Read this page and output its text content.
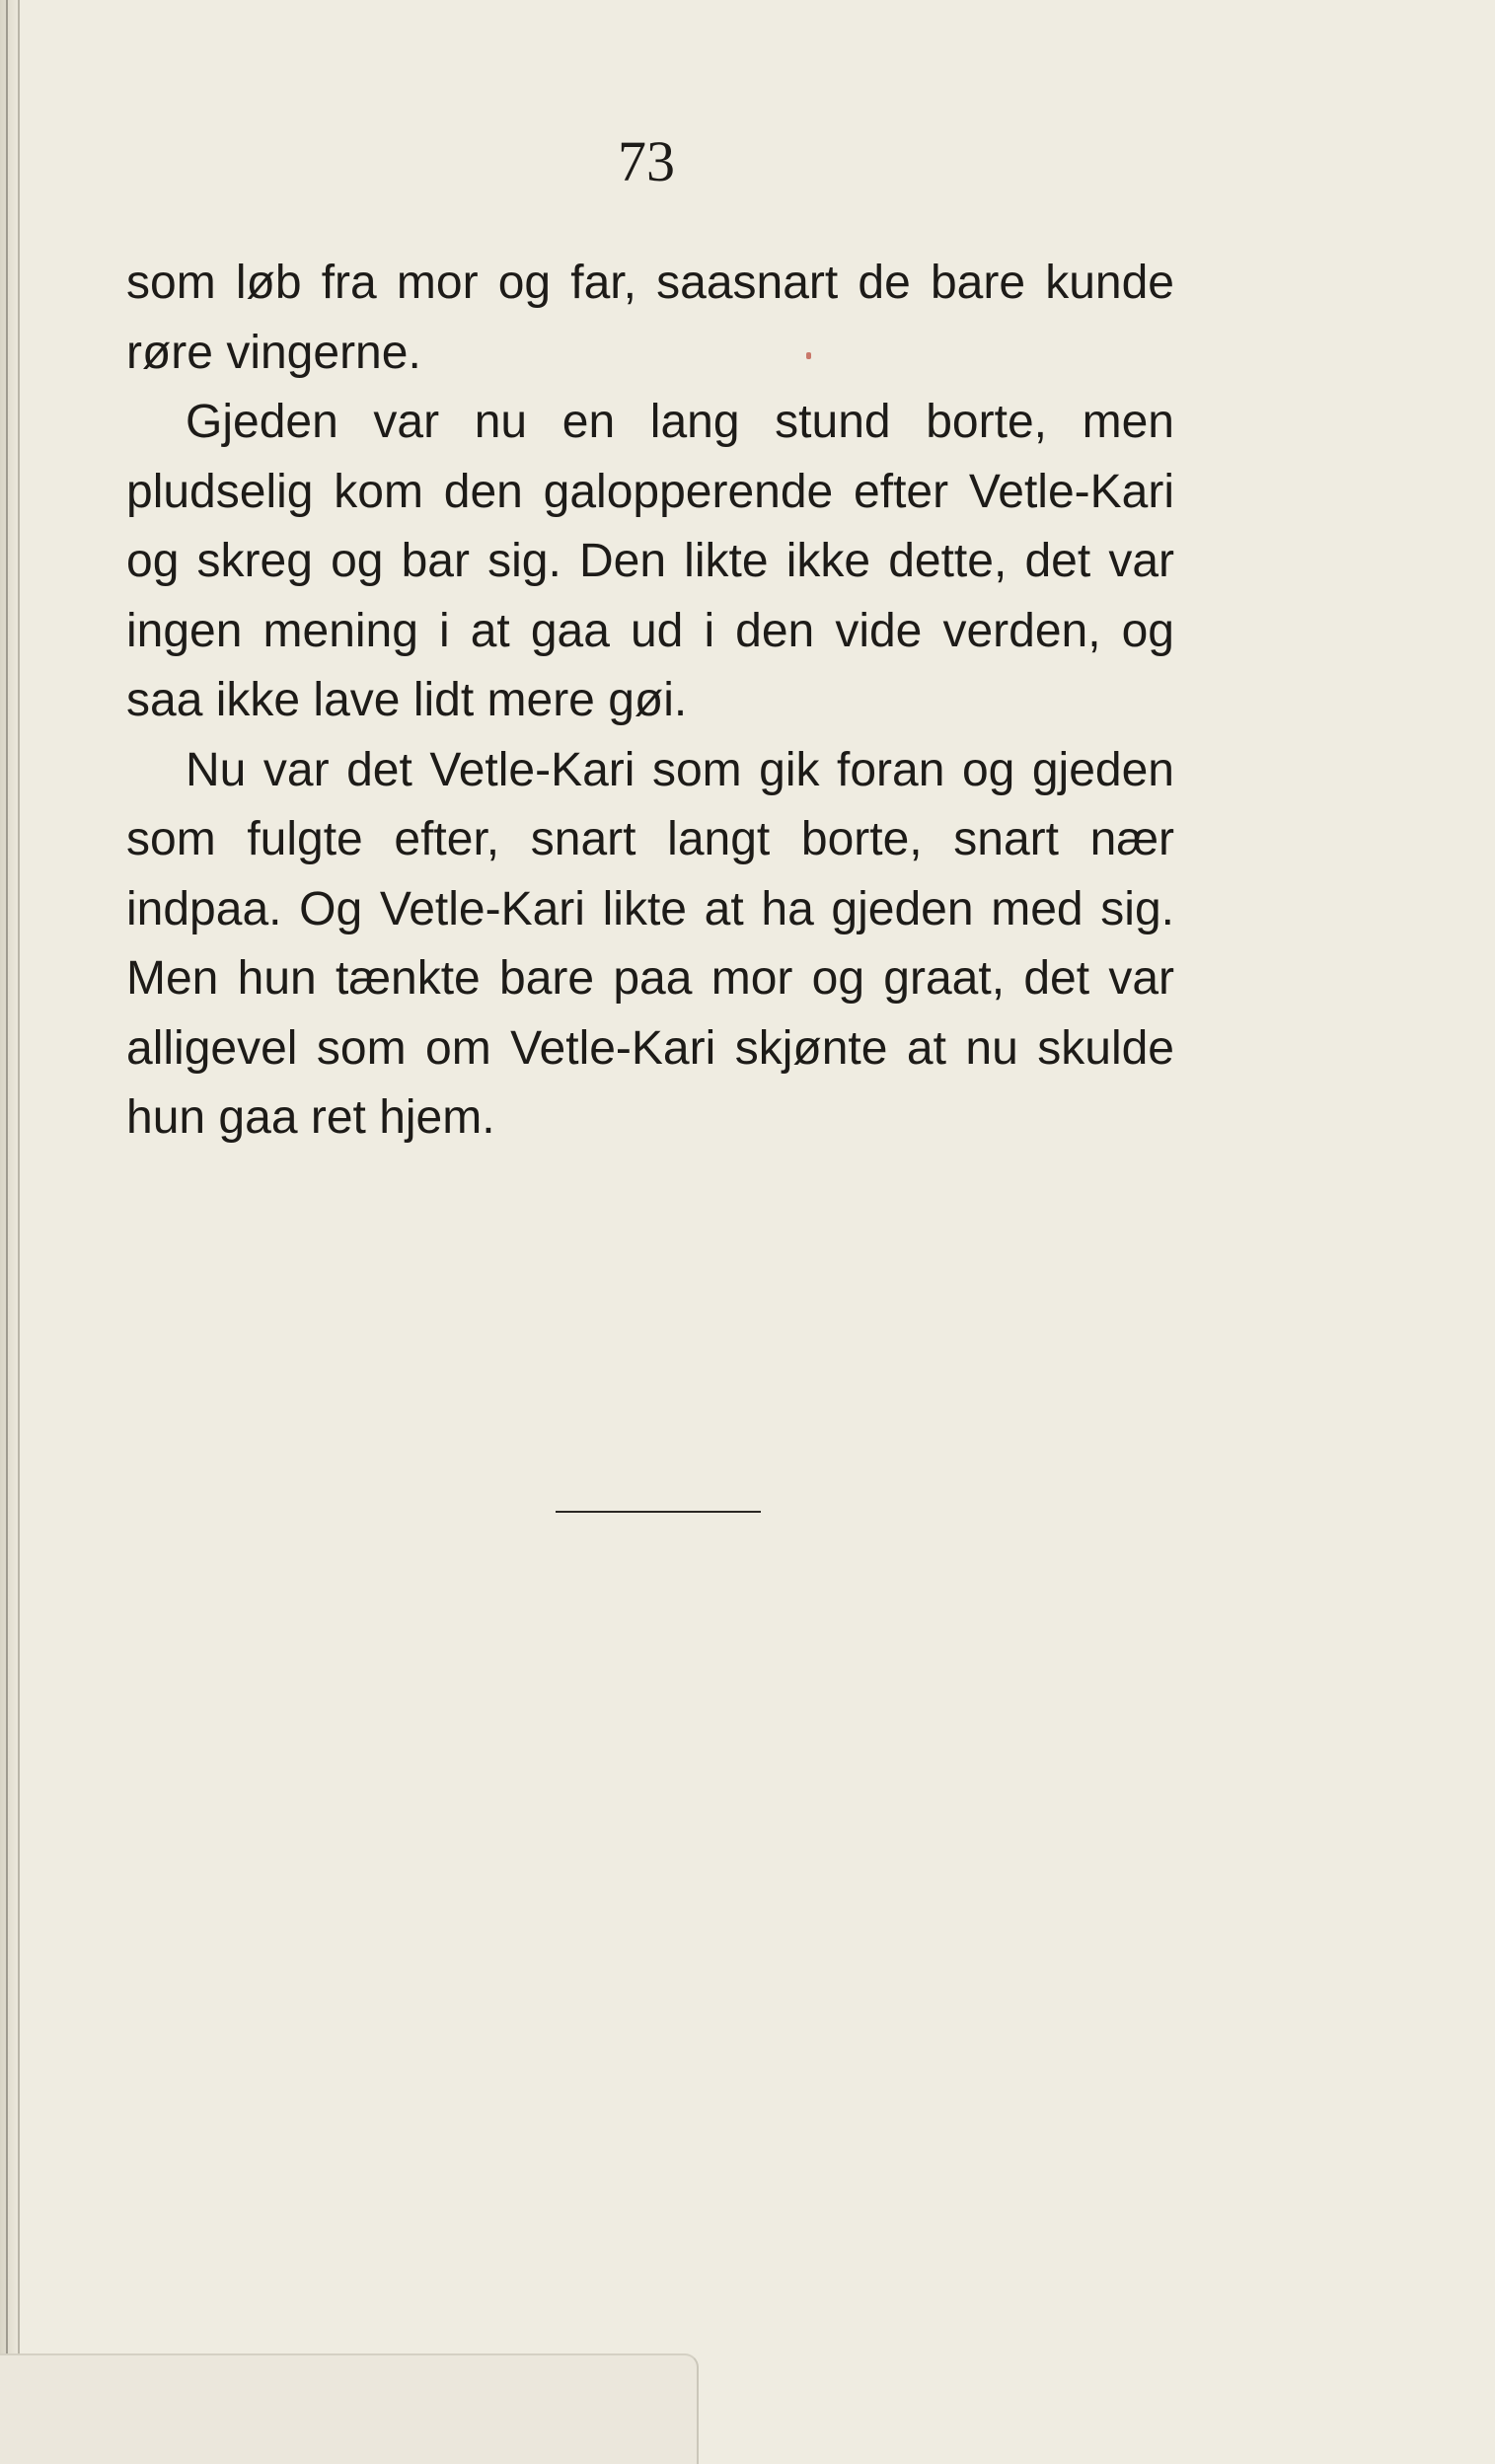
73

som løb fra mor og far, saasnart de bare kunde røre vingerne.

Gjeden var nu en lang stund borte, men pludselig kom den galopperende efter Vetle-Kari og skreg og bar sig. Den likte ikke dette, det var ingen mening i at gaa ud i den vide verden, og saa ikke lave lidt mere gøi.

Nu var det Vetle-Kari som gik foran og gjeden som fulgte efter, snart langt borte, snart nær indpaa. Og Vetle-Kari likte at ha gjeden med sig. Men hun tænkte bare paa mor og graat, det var alligevel som om Vetle-Kari skjønte at nu skulde hun gaa ret hjem.
